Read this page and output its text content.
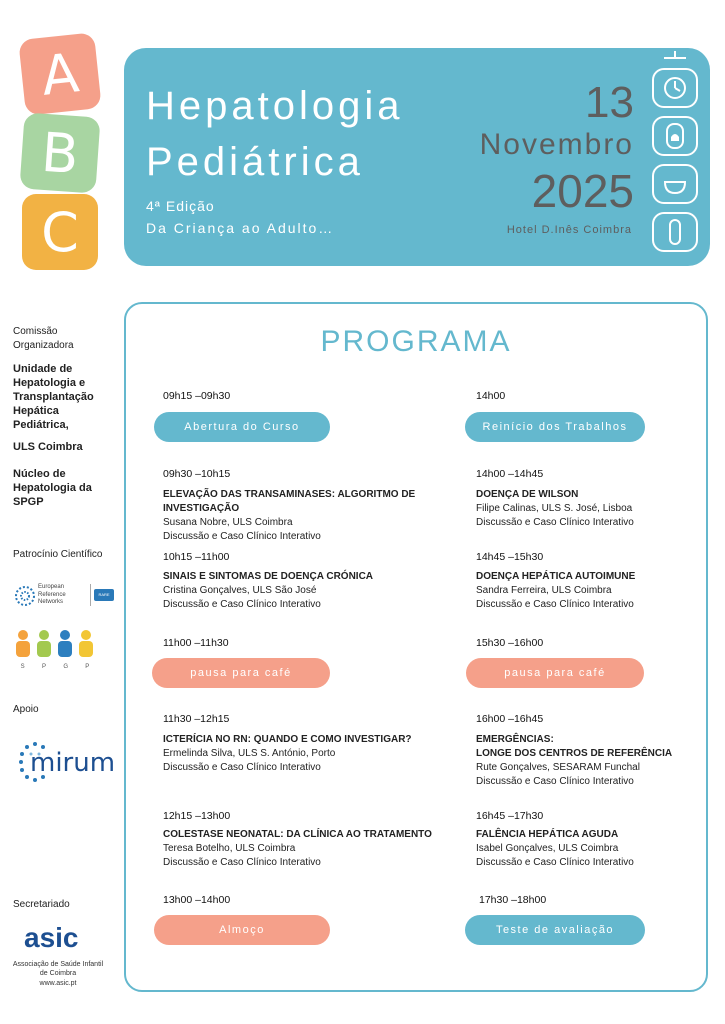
A
B
C
Hepatologia
Pediátrica
4ª Edição
Da Criança ao Adulto…
13
Novembro
2025
Hotel D.Inês Coimbra
Comissão Organizadora
Unidade de Hepatologia e Transplantação Hepática Pediátrica,
ULS Coimbra
Núcleo de Hepatologia da SPGP
Patrocínio Científico
European Reference Networks
RARE LIVER
S	P	G	P
Apoio
mirum
Secretariado
asic
Associação de Saúde Infantil de Coimbra
www.asic.pt
PROGRAMA
09h15 –09h30
Abertura do Curso
09h30 –10h15
ELEVAÇÃO DAS TRANSAMINASES: ALGORITMO DE INVESTIGAÇÃO
Susana Nobre, ULS Coimbra
Discussão e Caso Clínico Interativo
10h15 –11h00
SINAIS E SINTOMAS DE DOENÇA CRÓNICA
Cristina Gonçalves, ULS São José
Discussão e Caso Clínico Interativo
11h00 –11h30
pausa para café
11h30 –12h15
ICTERÍCIA NO RN: QUANDO E COMO INVESTIGAR?
Ermelinda Silva, ULS S. António, Porto
Discussão e Caso Clínico Interativo
12h15 –13h00
COLESTASE NEONATAL: DA CLÍNICA AO TRATAMENTO
Teresa Botelho, ULS Coimbra
Discussão e Caso Clínico Interativo
13h00 –14h00
Almoço
14h00
Reinício dos Trabalhos
14h00 –14h45
DOENÇA DE WILSON
Filipe Calinas, ULS S. José, Lisboa
Discussão e Caso Clínico Interativo
14h45 –15h30
DOENÇA HEPÁTICA AUTOIMUNE
Sandra Ferreira, ULS Coimbra
Discussão e Caso Clínico Interativo
15h30 –16h00
pausa para café
16h00 –16h45
EMERGÊNCIAS:
LONGE DOS CENTROS DE REFERÊNCIA
Rute Gonçalves, SESARAM Funchal
Discussão e Caso Clínico Interativo
16h45 –17h30
FALÊNCIA HEPÁTICA AGUDA
Isabel Gonçalves, ULS Coimbra
Discussão e Caso Clínico Interativo
17h30 –18h00
Teste de avaliação
